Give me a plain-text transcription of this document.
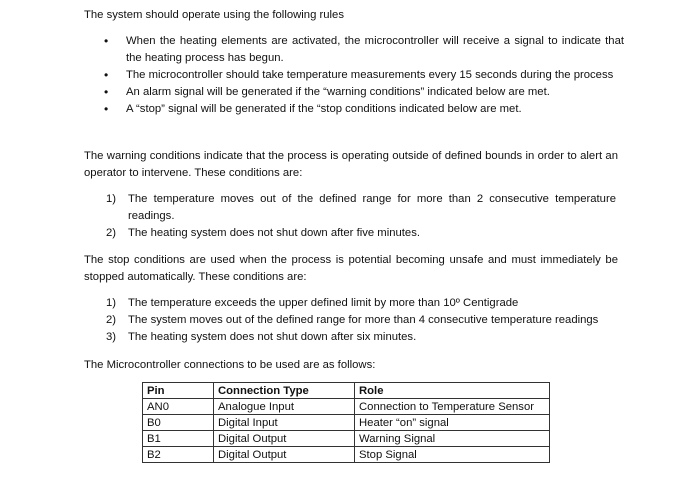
The system should operate using the following rules

• When the heating elements are activated, the microcontroller will receive a signal to indicate that the heating process has begun.
• The microcontroller should take temperature measurements every 15 seconds during the process
• An alarm signal will be generated if the “warning conditions” indicated below are met.
• A “stop” signal will be generated if the “stop conditions indicated below are met.

The warning conditions indicate that the process is operating outside of defined bounds in order to alert an operator to intervene. These conditions are:

1) The temperature moves out of the defined range for more than 2 consecutive temperature readings.
2) The heating system does not shut down after five minutes.

The stop conditions are used when the process is potential becoming unsafe and must immediately be stopped automatically. These conditions are:

1) The temperature exceeds the upper defined limit by more than 10º Centigrade
2) The system moves out of the defined range for more than 4 consecutive temperature readings
3) The heating system does not shut down after six minutes.

The Microcontroller connections to be used are as follows:

Pin	Connection Type	Role
AN0	Analogue Input	Connection to Temperature Sensor
B0	Digital Input	Heater “on” signal
B1	Digital Output	Warning Signal
B2	Digital Output	Stop Signal
